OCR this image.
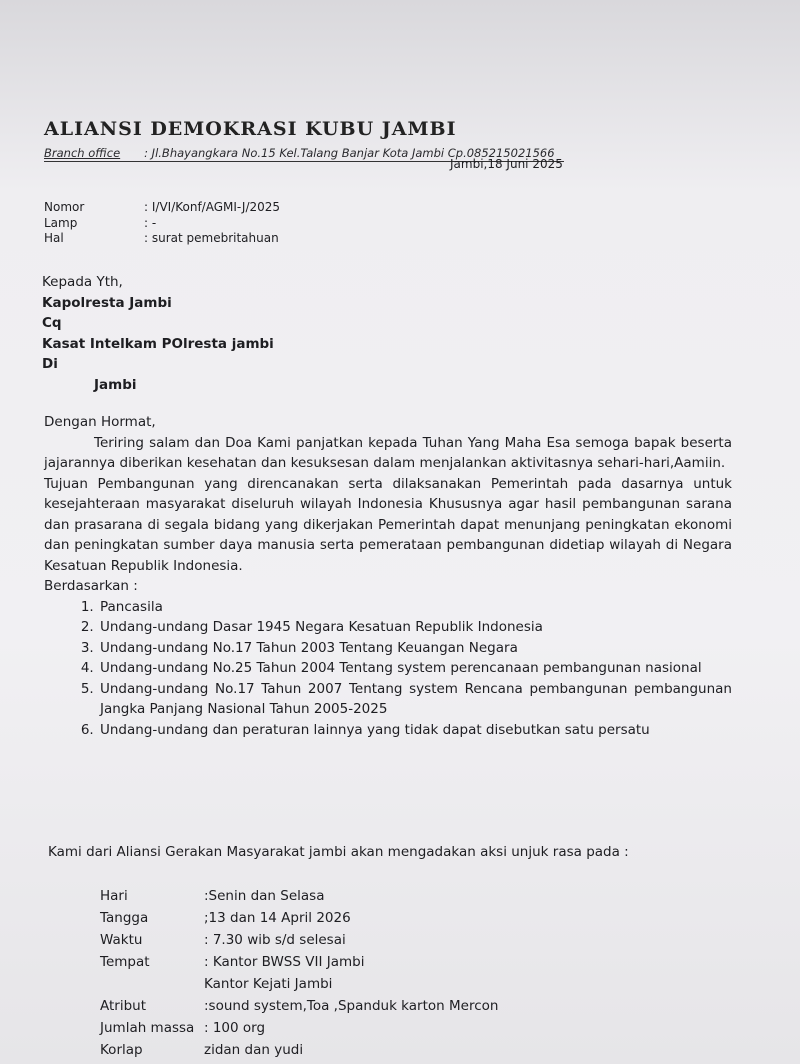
ALIANSI DEMOKRASI KUBU JAMBI
Branch office : Jl.Bhayangkara No.15 Kel.Talang Banjar Kota Jambi Cp.085215021566
Jambi,18 Juni 2025
Nomor	: I/VI/Konf/AGMI-J/2025
Lamp	: -
Hal	: surat pemebritahuan
Kepada Yth,
Kapolresta Jambi
Cq
Kasat Intelkam POlresta jambi
Di
Jambi

Dengan Hormat,

Teriring salam dan Doa Kami panjatkan kepada Tuhan Yang Maha Esa semoga bapak beserta jajarannya diberikan kesehatan dan kesuksesan dalam menjalankan aktivitasnya sehari-hari,Aamiin.

Tujuan Pembangunan yang direncanakan serta dilaksanakan Pemerintah pada dasarnya untuk kesejahteraan masyarakat diseluruh wilayah Indonesia Khususnya agar hasil pembangunan sarana dan prasarana di segala bidang yang dikerjakan Pemerintah dapat menunjang peningkatan ekonomi dan peningkatan sumber daya manusia serta pemerataan pembangunan didetiap wilayah di Negara Kesatuan Republik Indonesia.

Berdasarkan :

1. Pancasila
2. Undang-undang Dasar 1945 Negara Kesatuan Republik Indonesia
3. Undang-undang No.17 Tahun 2003 Tentang Keuangan Negara
4. Undang-undang No.25 Tahun 2004 Tentang system perencanaan pembangunan nasional
5. Undang-undang No.17 Tahun 2007 Tentang system Rencana pembangunan pembangunan Jangka Panjang Nasional Tahun 2005-2025
6. Undang-undang dan peraturan lainnya yang tidak dapat disebutkan satu persatu
Kami dari Aliansi Gerakan Masyarakat jambi akan mengadakan aksi unjuk rasa pada :
Hari	:Senin dan Selasa
Tangga	;13 dan 14 April 2026
Waktu	: 7.30 wib s/d selesai
Tempat	: Kantor BWSS VII Jambi
Kantor Kejati Jambi
Atribut	:sound system,Toa ,Spanduk karton Mercon
Jumlah massa : 100 org
Korlap	zidan dan yudi
